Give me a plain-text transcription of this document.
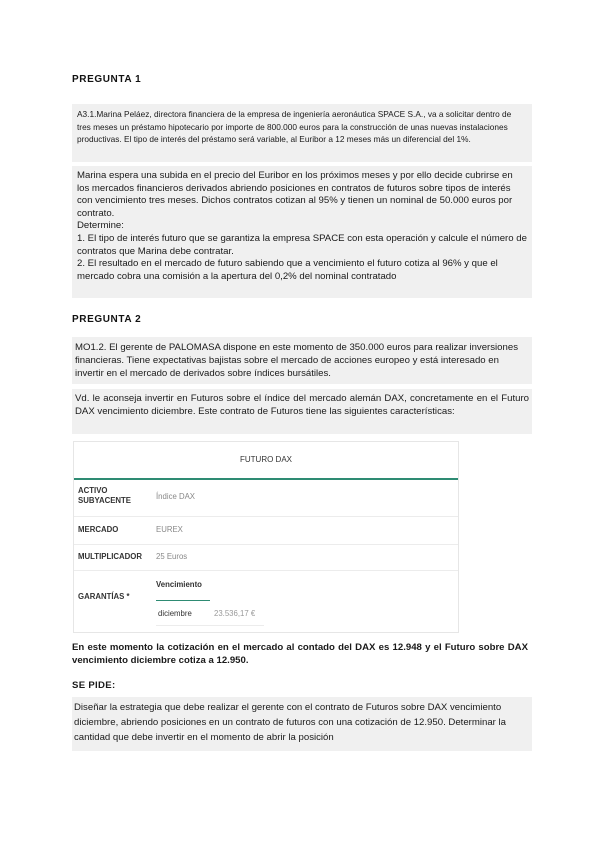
PREGUNTA 1

A3.1.Marina Peláez, directora financiera de la empresa de ingeniería aeronáutica SPACE S.A., va a solicitar dentro de tres meses un préstamo hipotecario por importe de 800.000 euros para la construcción de unas nuevas instalaciones productivas. El tipo de interés del préstamo será variable, al Euribor a 12 meses más un diferencial del 1%.

Marina espera una subida en el precio del Euribor en los próximos meses y por ello decide cubrirse en los mercados financieros derivados abriendo posiciones en contratos de futuros sobre tipos de interés con vencimiento tres meses. Dichos contratos cotizan al 95% y tienen un nominal de 50.000 euros por contrato.

Determine:

1. El tipo de interés futuro que se garantiza la empresa SPACE con esta operación y calcule el número de contratos que Marina debe contratar.

2. El resultado en el mercado de futuro sabiendo que a vencimiento el futuro cotiza al 96% y que el mercado cobra una comisión a la apertura del 0,2% del nominal contratado

PREGUNTA 2

MO1.2. El gerente de PALOMASA dispone en este momento de 350.000 euros para realizar inversiones financieras. Tiene expectativas bajistas sobre el mercado de acciones europeo y está interesado en invertir en el mercado de derivados sobre índices bursátiles.

Vd. le aconseja invertir en Futuros sobre el índice del mercado alemán DAX, concretamente en el Futuro DAX vencimiento diciembre. Este contrato de Futuros tiene las siguientes características:

FUTURO DAX
ACTIVO
SUBYACENTE	Índice DAX
MERCADO	EUREX
MULTIPLICADOR 25 Euros
GARANTÍAS *
Vencimiento
diciembre	23.536,17 €

En este momento la cotización en el mercado al contado del DAX es 12.948 y el Futuro sobre DAX vencimiento diciembre cotiza a 12.950.

SE PIDE:

Diseñar la estrategia que debe realizar el gerente con el contrato de Futuros sobre DAX vencimiento diciembre, abriendo posiciones en un contrato de futuros con una cotización de 12.950. Determinar la cantidad que debe invertir en el momento de abrir la posición
